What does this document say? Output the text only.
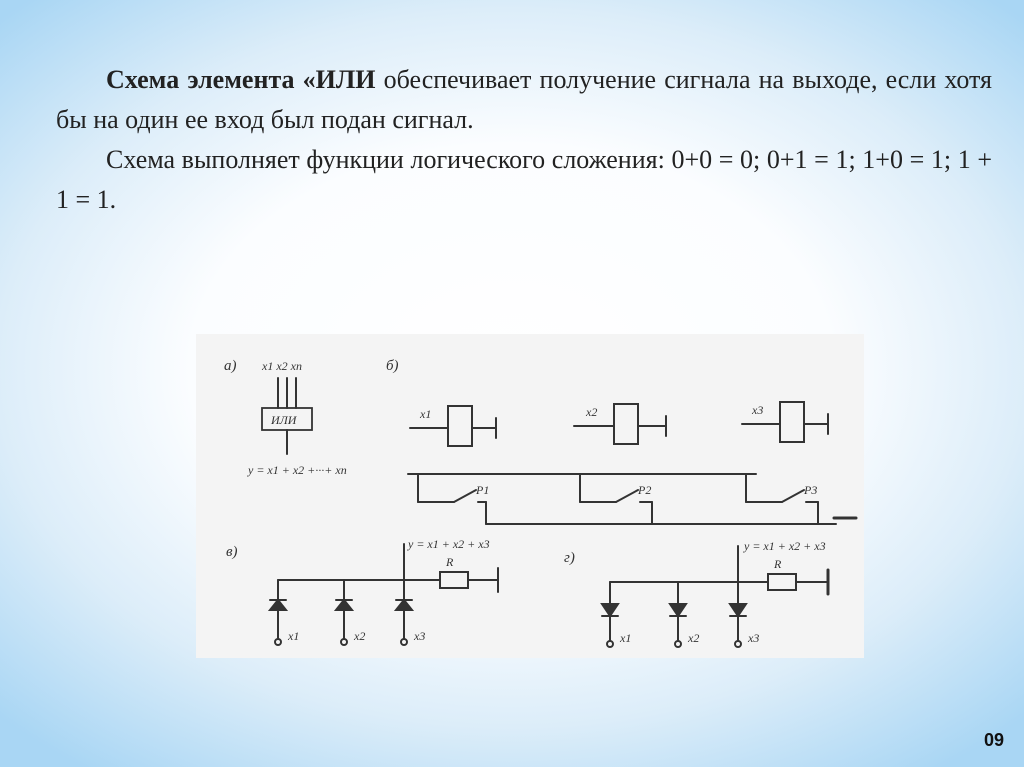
Схема элемента «ИЛИ обеспечивает получение сигнала на выходе, если хотя бы на один ее вход был подан сигнал.

Схема выполняет функции логического сложения: 0+0 = 0; 0+1 = 1; 1+0 = 1; 1 + 1 = 1.

а) x1 x2 xn
ИЛИ
y = x1 + x2 +···+ xn
б)
x1	x2	x3
P1	P2	P3
в)	y = x1 + x2 + x3
R
x1	x2	x3
г)
y = x1 + x2 + x3
R
x1	x2	x3
09
